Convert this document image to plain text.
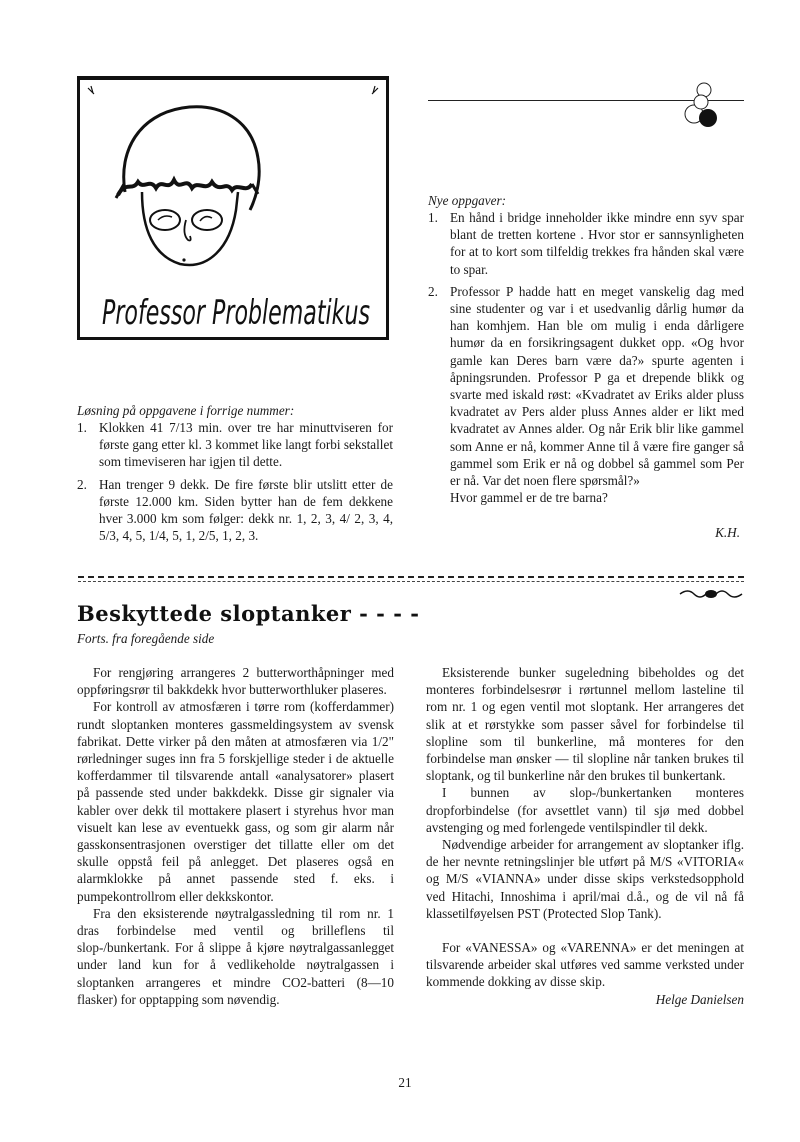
Professor Problematikus
Løsning på oppgavene i forrige nummer:
1. Klokken 41 7/13 min. over tre har minuttviseren for første gang etter kl. 3 kommet like langt forbi sekstallet som timeviseren har igjen til dette.
2. Han trenger 9 dekk. De fire første blir utslitt etter de første 12.000 km. Siden bytter han de fem dekkene hver 3.000 km som følger: dekk nr. 1, 2, 3, 4/ 2, 3, 4, 5/3, 4, 5, 1/4, 5, 1, 2/5, 1, 2, 3.
Nye oppgaver:
1. En hånd i bridge inneholder ikke mindre enn syv spar blant de tretten kortene . Hvor stor er sannsynligheten for at to kort som tilfeldig trekkes fra hånden skal være to spar.
2. Professor P hadde hatt en meget vanskelig dag med sine studenter og var i et usedvanlig dårlig humør da han komhjem. Han ble om mulig i enda dårligere humør da en forsikringsagent dukket opp. «Og hvor gamle kan Deres barn være da?» spurte agenten i åpningsrunden. Professor P ga et drepende blikk og svarte med iskald røst: «Kvadratet av Eriks alder pluss kvadratet av Pers alder pluss Annes alder er likt med kvadratet av Annes alder. Og når Erik blir like gammel som Anne er nå, kommer Anne til å være fire ganger så gammel som Erik er nå og dobbel så gammel som Per er nå. Var det noen flere spørsmål?»
Hvor gammel er de tre barna?
K.H.
Beskyttede sloptanker - - - -
Forts. fra foregående side

For rengjøring arrangeres 2 butterworthåpninger med oppføringsrør til bakkdekk hvor butterworthluker plaseres.

For kontroll av atmosfæren i tørre rom (kofferdammer) rundt sloptanken monteres gassmeldingsystem av svensk fabrikat. Dette virker på den måten at atmosfæren via 1/2" rørledninger suges inn fra 5 forskjellige steder i de aktuelle kofferdammer til tilsvarende antall «analysatorer» plasert på passende sted under bakkdekk. Disse gir signaler via kabler over dekk til mottakere plasert i styrehus hvor man visuelt kan lese av eventuekk gass, og som gir alarm når gasskonsentrasjonen overstiger det tillatte eller om det skulle oppstå feil på anlegget. Det plaseres også en alarmklokke på annet passende sted f. eks. i pumpekontrollrom eller dekkskontor.

Fra den eksisterende nøytralgassledning til rom nr. 1 dras forbindelse med ventil og brilleflens til slop-/bunkertank. For å slippe å kjøre nøytralgassanlegget under land kun for å vedlikeholde nøytralgassen i sloptanken arrangeres et mindre CO2-batteri (8—10 flasker) for opptapping som nøvendig.

Eksisterende bunker sugeledning bibeholdes og det monteres forbindelsesrør i rørtunnel mellom lasteline til rom nr. 1 og egen ventil mot sloptank. Her arrangeres det slik at et rørstykke som passer såvel for forbindelse til slopline som til bunkerline, må monteres for den forbindelse man ønsker — til slopline når tanken brukes til sloptank, og til bunkerline når den brukes til bunkertank.

I bunnen av slop-/bunkertanken monteres dropforbindelse (for avsettlet vann) til sjø med dobbel avstenging og med forlengede ventilspindler til dekk.

Nødvendige arbeider for arrangement av sloptanker iflg. de her nevnte retningslinjer ble utført på M/S «VITORIA« og M/S «VIANNA» under disse skips verkstedsopphold ved Hitachi, Innoshima i april/mai d.å., og de vil nå få klassetilføyelsen PST (Protected Slop Tank).

For «VANESSA» og «VARENNA» er det meningen at tilsvarende arbeider skal utføres ved samme verksted under kommende dokking av disse skip.

Helge Danielsen
21
